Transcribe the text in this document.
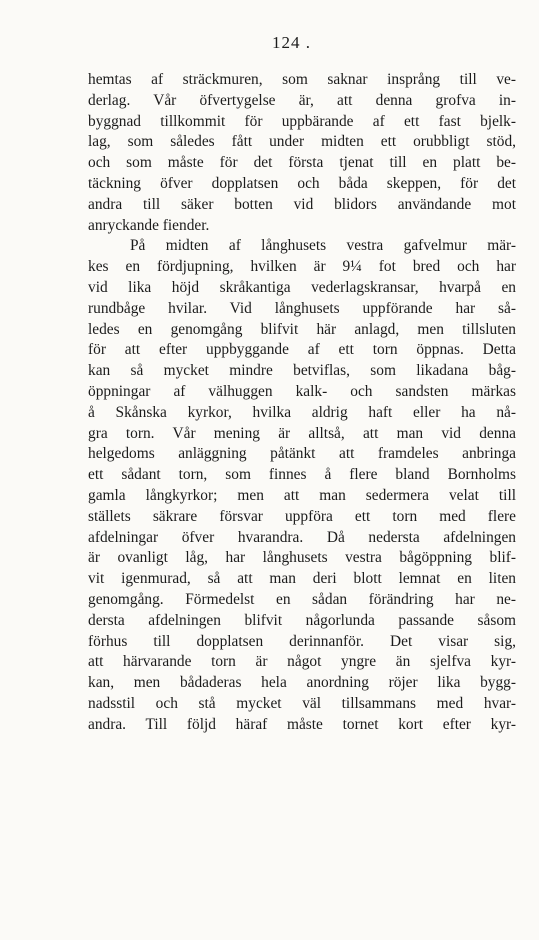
124 .
hemtas af sträckmuren, som saknar insprång till ve-
derlag. Vår öfvertygelse är, att denna grofva in-
byggnad tillkommit för uppbärande af ett fast bjelk-
lag, som således fått under midten ett orubbligt stöd,
och som måste för det första tjenat till en platt be-
täckning öfver dopplatsen och båda skeppen, för det
andra till säker botten vid blidors användande mot
anryckande fiender.
På midten af långhusets vestra gafvelmur mär-
kes en fördjupning, hvilken är 9¼ fot bred och har
vid lika höjd skråkantiga vederlagskransar, hvarpå en
rundbåge hvilar. Vid långhusets uppförande har så-
ledes en genomgång blifvit här anlagd, men tillsluten
för att efter uppbyggande af ett torn öppnas. Detta
kan så mycket mindre betviflas, som likadana båg-
öppningar af välhuggen kalk- och sandsten märkas
å Skånska kyrkor, hvilka aldrig haft eller ha nå-
gra torn. Vår mening är alltså, att man vid denna
helgedoms anläggning påtänkt att framdeles anbringa
ett sådant torn, som finnes å flere bland Bornholms
gamla långkyrkor; men att man sedermera velat till
ställets säkrare försvar uppföra ett torn med flere
afdelningar öfver hvarandra. Då nedersta afdelningen
är ovanligt låg, har långhusets vestra bågöppning blif-
vit igenmurad, så att man deri blott lemnat en liten
genomgång. Förmedelst en sådan förändring har ne-
dersta afdelningen blifvit någorlunda passande såsom
förhus till dopplatsen derinnanför. Det visar sig,
att härvarande torn är något yngre än sjelfva kyr-
kan, men bådaderas hela anordning röjer lika bygg-
nadsstil och stå mycket väl tillsammans med hvar-
andra. Till följd häraf måste tornet kort efter kyr-
